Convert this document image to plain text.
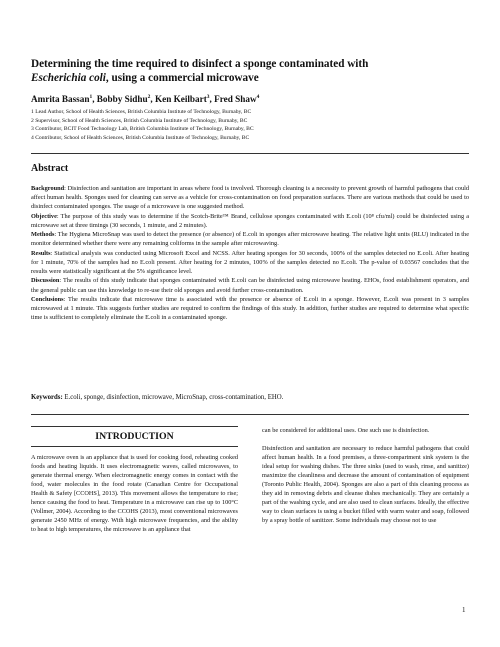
Determining the time required to disinfect a sponge contaminated with
Escherichia coli, using a commercial microwave
Amrita Bassan$^1$, Bobby Sidhu$^2$, Ken Keilbart$^3$, Fred Shaw$^4$
1 Lead Author, School of Health Sciences, British Columbia Institute of Technology, Burnaby, BC
2 Supervisor, School of Health Sciences, British Columbia Institute of Technology, Burnaby, BC
3 Contributor, BCIT Food Technology Lab, British Columbia Institute of Technology, Burnaby, BC
4 Contributor, School of Health Sciences, British Columbia Institute of Technology, Burnaby, BC
Abstract

Background: Disinfection and sanitation are important in areas where food is involved. Thorough cleaning is a necessity to prevent growth of harmful pathogens that could affect human health. Sponges used for cleaning can serve as a vehicle for cross-contamination on food preparation surfaces. There are various methods that could be used to disinfect contaminated sponges. The usage of a microwave is one suggested method.

Objective: The purpose of this study was to determine if the Scotch-Brite™ Brand, cellulose sponges contaminated with E.coli (10⁸ cfu/ml) could be disinfected using a microwave set at three timings (30 seconds, 1 minute, and 2 minutes).

Methods: The Hygiena MicroSnap was used to detect the presence (or absence) of E.coli in sponges after microwave heating. The relative light units (RLU) indicated in the monitor determined whether there were any remaining coliforms in the sample after microwaving.

Results: Statistical analysis was conducted using Microsoft Excel and NCSS. After heating sponges for 30 seconds, 100% of the samples detected no E.coli. After heating for 1 minute, 70% of the samples had no E.coli present. After heating for 2 minutes, 100% of the samples detected no E.coli. The p-value of 0.03567 concludes that the results were statistically significant at the 5% significance level.

Discussion: The results of this study indicate that sponges contaminated with E.coli can be disinfected using microwave heating. EHOs, food establishment operators, and the general public can use this knowledge to re-use their old sponges and avoid further cross-contamination.

Conclusions: The results indicate that microwave time is associated with the presence or absence of E.coli in a sponge. However, E.coli was present in 3 samples microwaved at 1 minute. This suggests further studies are required to confirm the findings of this study. In addition, further studies are required to determine what specific time is sufficient to completely eliminate the E.coli in a contaminated sponge.

Keywords: E.coli, sponge, disinfection, microwave, MicroSnap, cross-contamination, EHO.
INTRODUCTION

A microwave oven is an appliance that is used for cooking food, reheating cooked foods and heating liquids. It uses electromagnetic waves, called microwaves, to generate thermal energy. When electromagnetic energy comes in contact with the food, water molecules in the food rotate (Canadian Centre for Occupational Health & Safety [CCOHS], 2013). This movement allows the temperature to rise; hence causing the food to heat. Temperature in a microwave can rise up to 100°C (Vollmer, 2004). According to the CCOHS (2013), most conventional microwaves generate 2450 MHz of energy. With high microwave frequencies, and the ability to heat to high temperatures, the microwave is an appliance that

can be considered for additional uses. One such use is disinfection.

Disinfection and sanitation are necessary to reduce harmful pathogens that could affect human health. In a food premises, a three-compartment sink system is the ideal setup for washing dishes. The three sinks (used to wash, rinse, and sanitize) maximize the cleanliness and decrease the amount of contamination of equipment (Toronto Public Health, 2004). Sponges are also a part of this cleaning process as they aid in removing debris and cleanse dishes mechanically. They are certainly a part of the washing cycle, and are also used to clean surfaces. Ideally, the effective way to clean surfaces is using a bucket filled with warm water and soap, followed by a spray bottle of sanitizer. Some individuals may choose not to use

1
